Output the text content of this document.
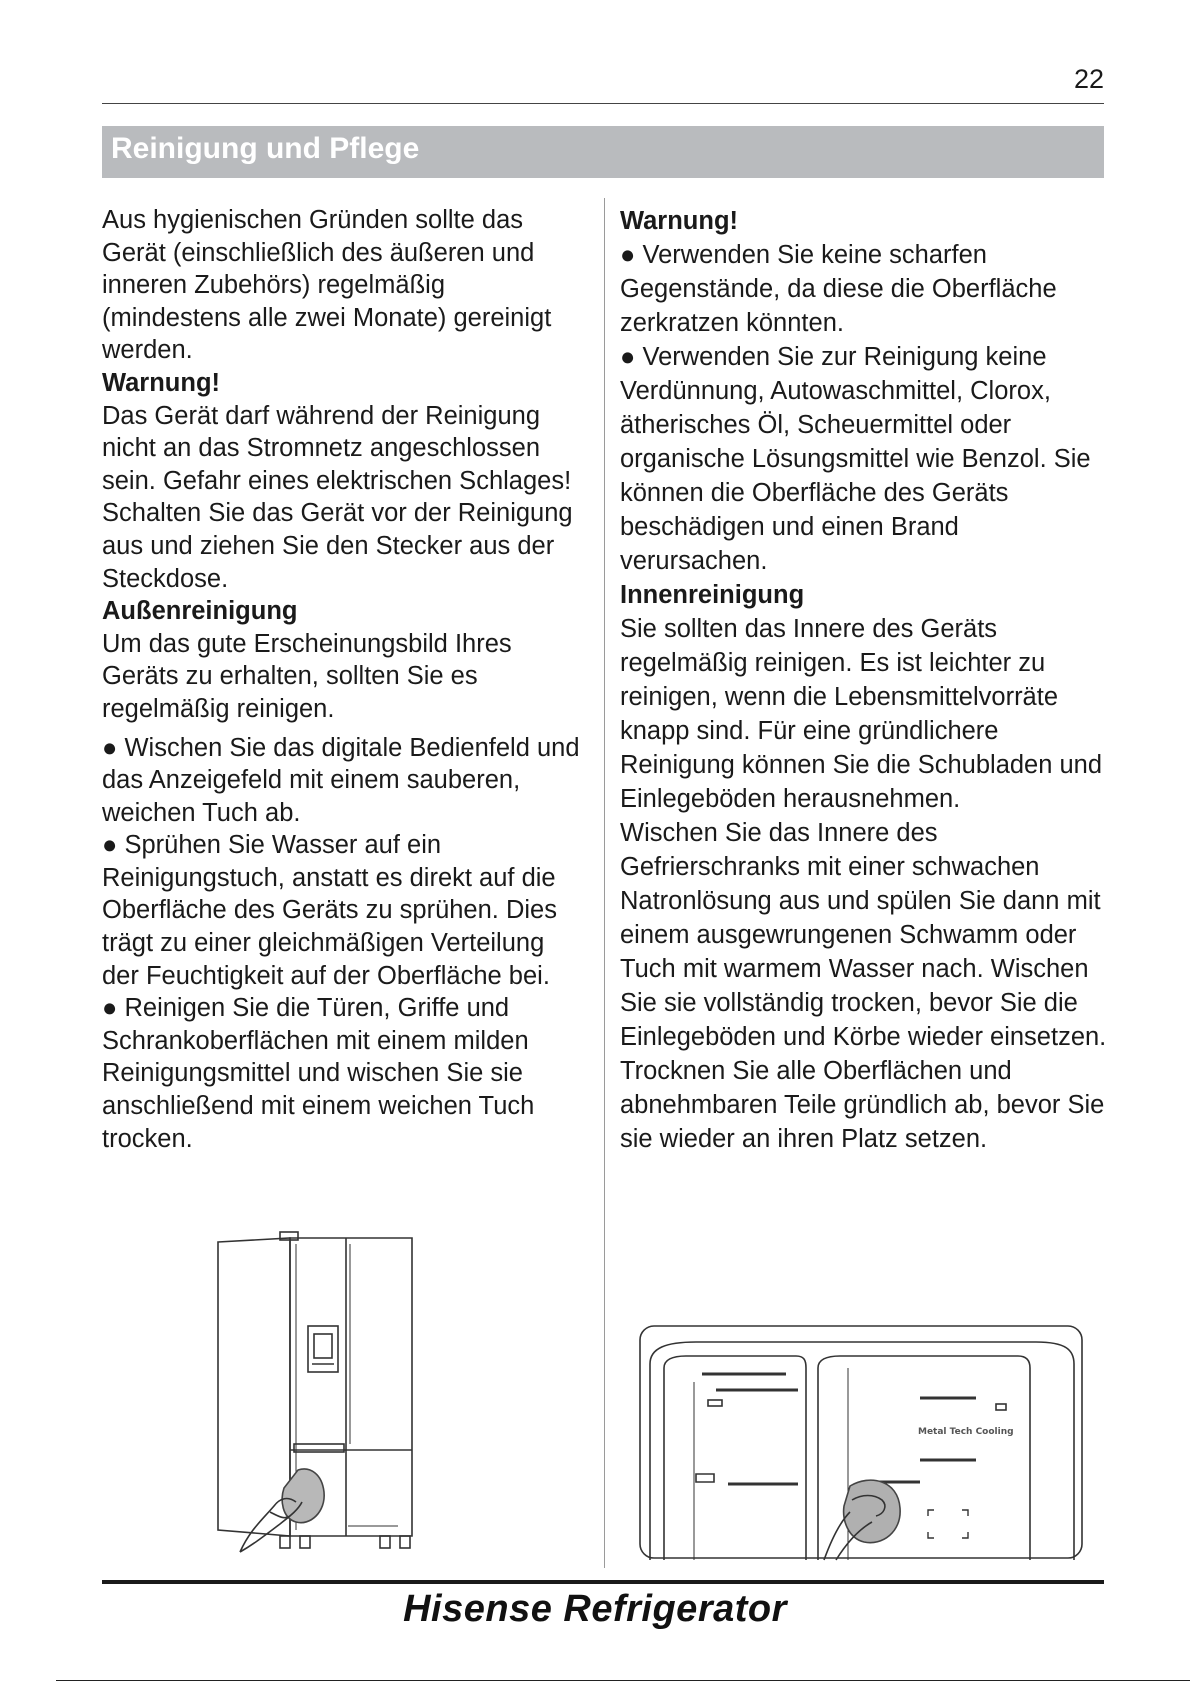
22
Reinigung und Pflege

Aus hygienischen Gründen sollte das Gerät (einschließlich des äußeren und inneren Zubehörs) regelmäßig (mindestens alle zwei Monate) gereinigt werden.

Warnung!

Das Gerät darf während der Reinigung nicht an das Stromnetz angeschlossen sein. Gefahr eines elektrischen Schlages! Schalten Sie das Gerät vor der Reinigung aus und ziehen Sie den Stecker aus der Steckdose.

Außenreinigung

Um das gute Erscheinungsbild Ihres Geräts zu erhalten, sollten Sie es regelmäßig reinigen.

● Wischen Sie das digitale Bedienfeld und das Anzeigefeld mit einem sauberen, weichen Tuch ab.

● Sprühen Sie Wasser auf ein Reinigungstuch, anstatt es direkt auf die Oberfläche des Geräts zu sprühen. Dies trägt zu einer gleichmäßigen Verteilung der Feuchtigkeit auf der Oberfläche bei.

● Reinigen Sie die Türen, Griffe und Schrankoberflächen mit einem milden Reinigungsmittel und wischen Sie sie anschließend mit einem weichen Tuch trocken.

Warnung!

● Verwenden Sie keine scharfen Gegenstände, da diese die Oberfläche zerkratzen könnten.

● Verwenden Sie zur Reinigung keine Verdünnung, Autowaschmittel, Clorox, ätherisches Öl, Scheuermittel oder organische Lösungsmittel wie Benzol. Sie können die Oberfläche des Geräts beschädigen und einen Brand verursachen.

Innenreinigung

Sie sollten das Innere des Geräts regelmäßig reinigen. Es ist leichter zu reinigen, wenn die Lebensmittelvorräte knapp sind. Für eine gründlichere Reinigung können Sie die Schubladen und Einlegeböden herausnehmen.

Wischen Sie das Innere des Gefrierschranks mit einer schwachen Natronlösung aus und spülen Sie dann mit einem ausgewrungenen Schwamm oder Tuch mit warmem Wasser nach. Wischen Sie sie vollständig trocken, bevor Sie die Einlegeböden und Körbe wieder einsetzen.

Trocknen Sie alle Oberflächen und abnehmbaren Teile gründlich ab, bevor Sie sie wieder an ihren Platz setzen.

Metal Tech Cooling
Hisense Refrigerator
